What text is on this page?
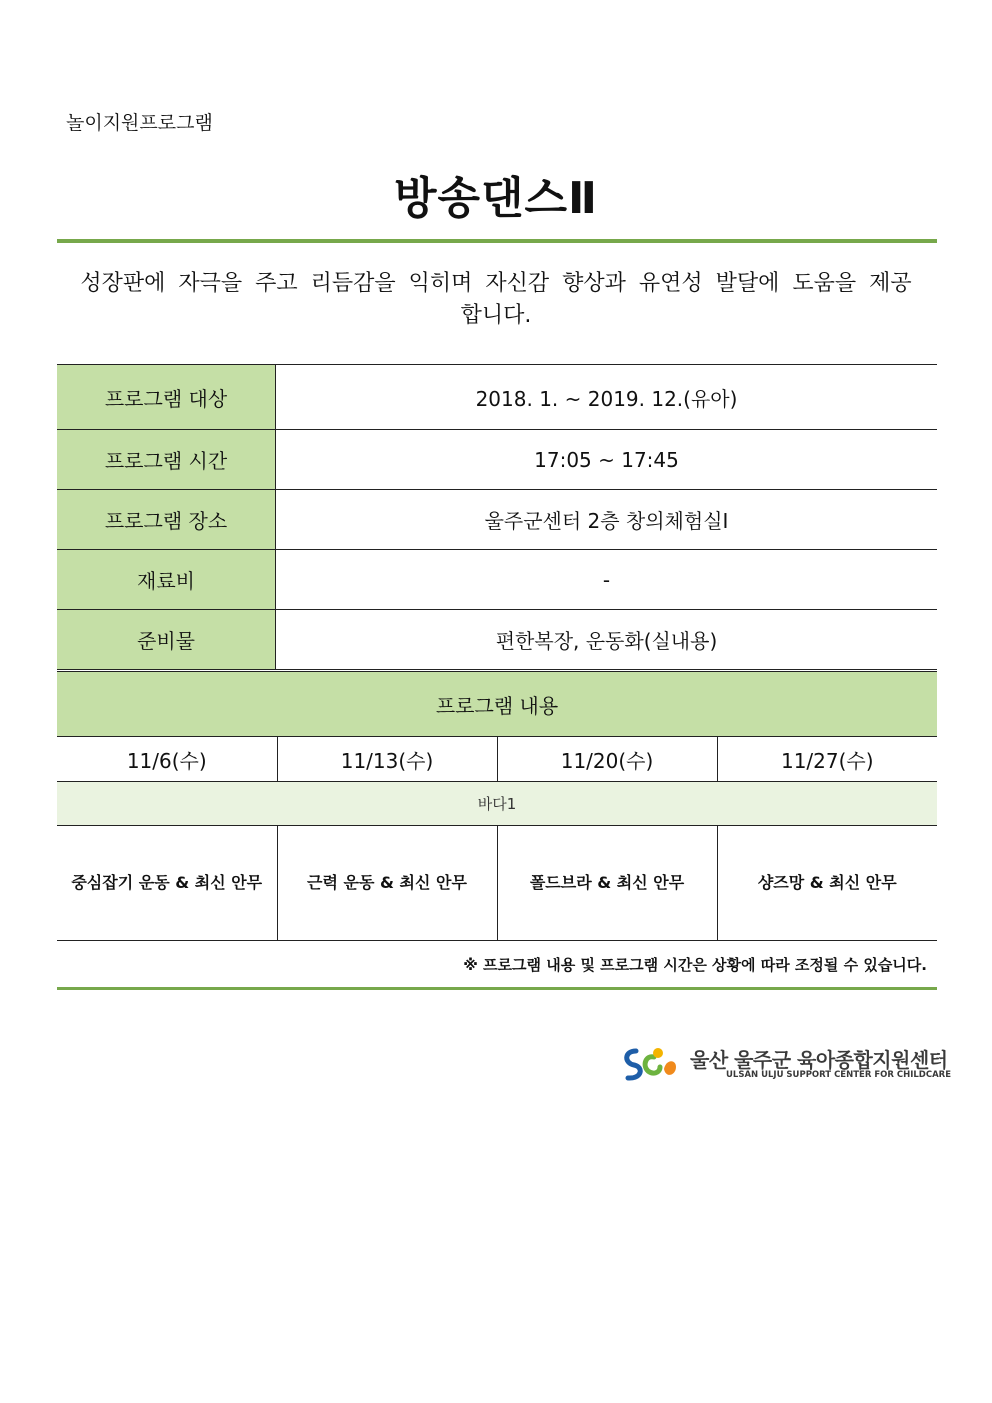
놀이지원프로그램
방송댄스Ⅱ
성장판에 자극을 주고 리듬감을 익히며 자신감 향상과 유연성 발달에 도움을 제공합니다.
프로그램 대상	2018. 1. ~ 2019. 12.(유아)
프로그램 시간	17:05 ~ 17:45
프로그램 장소	울주군센터 2층 창의체험실Ⅰ
재료비	-
준비물	편한복장, 운동화(실내용)
프로그램 내용			
11/6(수)	11/13(수)	11/20(수)	11/27(수)
바다1			
중심잡기 운동 & 최신 안무	근력 운동 & 최신 안무	폴드브라 & 최신 안무	샹즈망 & 최신 안무
※ 프로그램 내용 및 프로그램 시간은 상황에 따라 조정될 수 있습니다.
울산 울주군 육아종합지원센터
ULSAN ULJU SUPPORT CENTER FOR CHILDCARE
